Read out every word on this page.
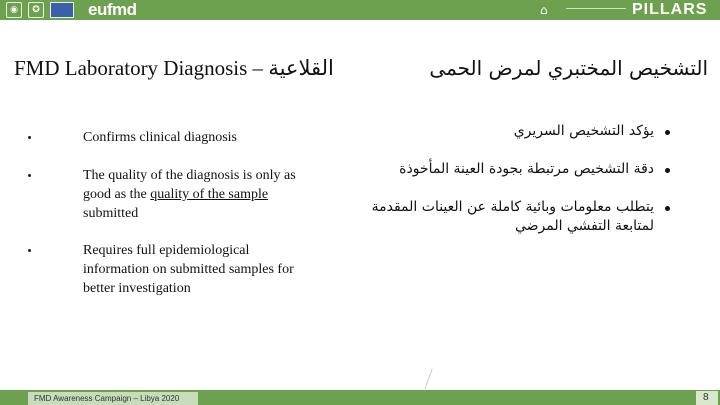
◉	✪	eufmd	⌂	PILLARS
FMD Laboratory Diagnosis – القلاعية	التشخيص المختبري لمرض الحمى
Confirms clinical diagnosis
The quality of the diagnosis is only as good as the quality of the sample submitted
Requires full epidemiological information on submitted samples for better investigation
يؤكد التشخيص السريري
دقة التشخيص مرتبطة بجودة العينة المأخوذة
يتطلب معلومات وبائية كاملة عن العينات المقدمة لمتابعة التفشي المرضي
FMD Awareness Campaign – Libya 2020	8
